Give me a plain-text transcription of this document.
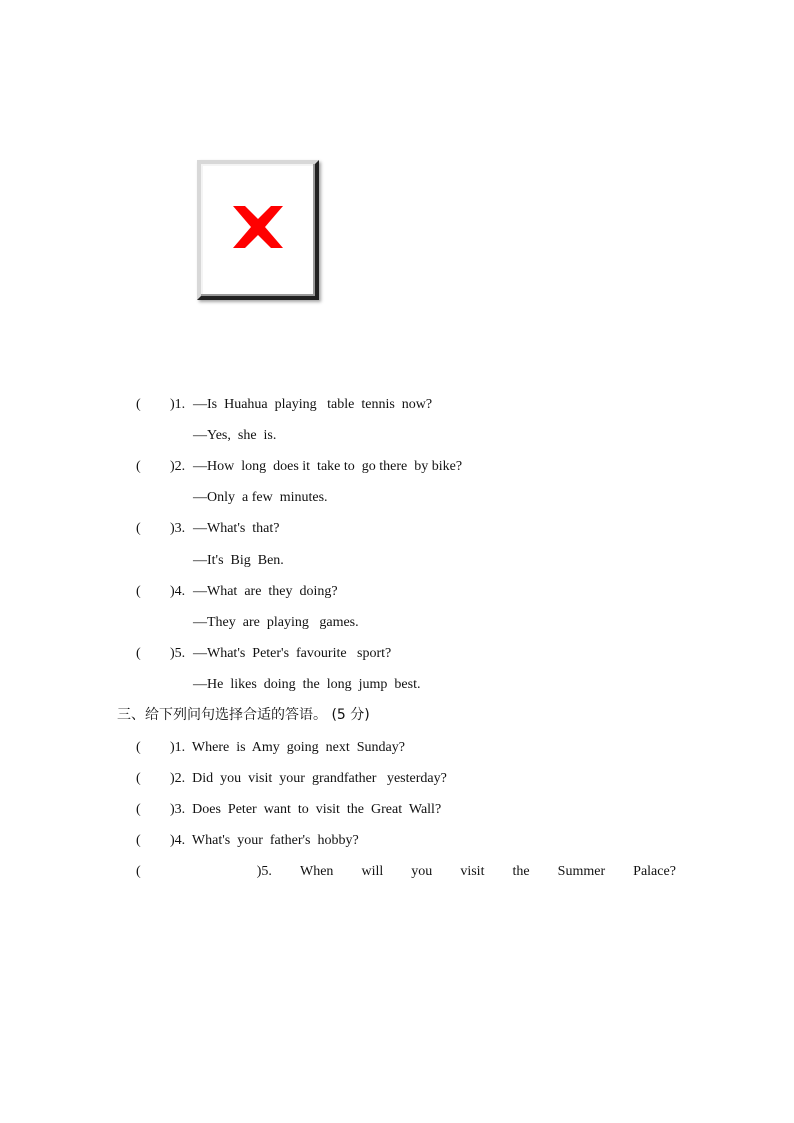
( )1. —Is  Huahua  playing   table  tennis  now?
—Yes,  she  is.
( )2. —How  long  does it  take to  go there  by bike?
—Only  a few  minutes.
( )3. —What's  that?
—It's  Big  Ben.
( )4. —What  are  they  doing?
—They  are  playing   games.
( )5. —What's  Peter's  favourite   sport?
—He  likes  doing  the  long  jump  best.
三、给下列问句选择合适的答语。 (5 分)
( )1.  Where  is  Amy  going  next  Sunday?
( )2.  Did  you  visit  your  grandfather   yesterday?
( )3.  Does  Peter  want  to  visit  the  Great  Wall?
( )4.  What's  your  father's  hobby?
(	)5. When will you visit the Summer Palace?
